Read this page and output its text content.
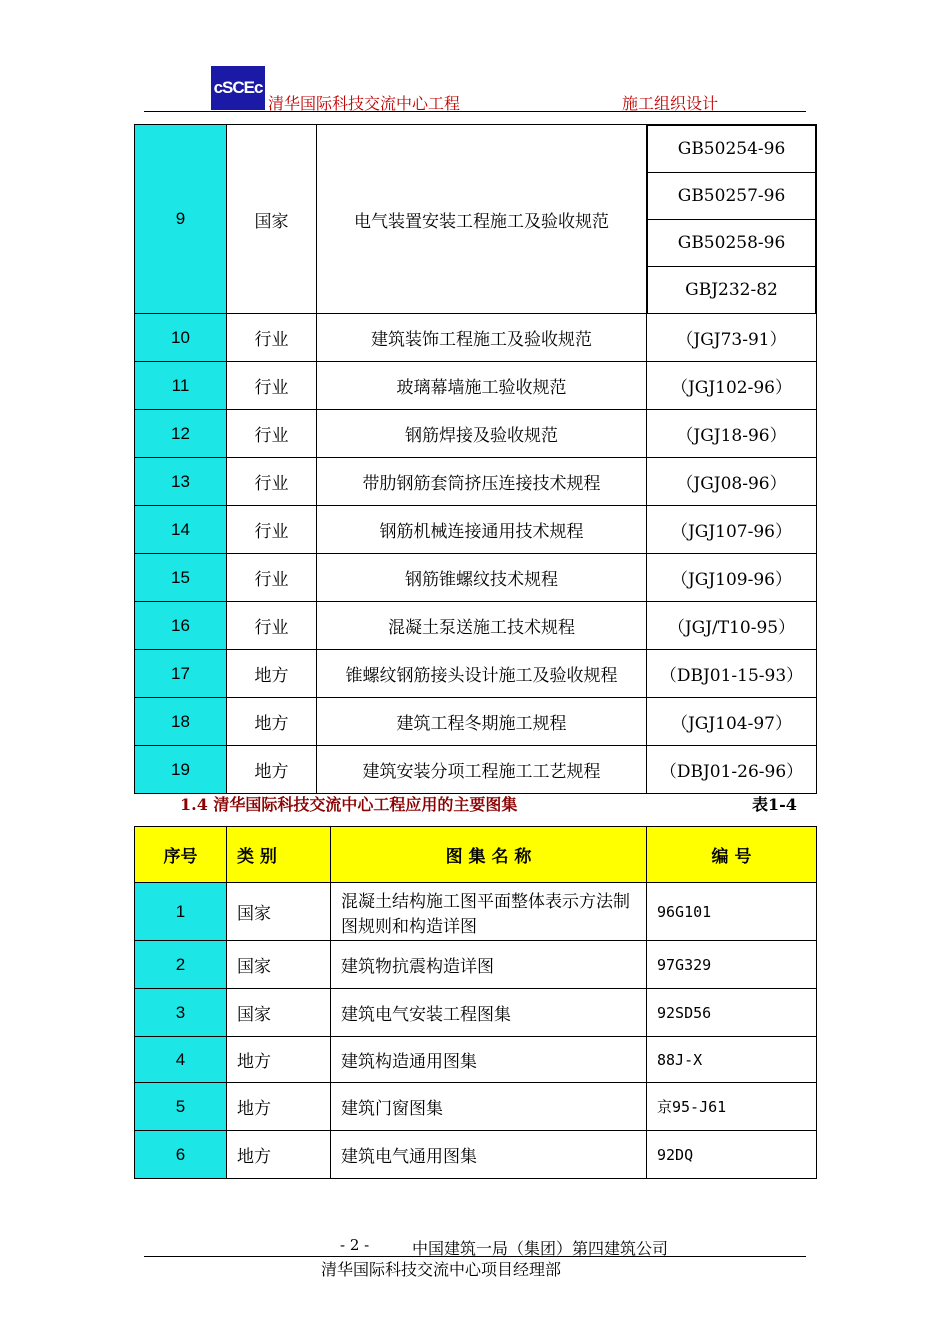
cSCEc
清华国际科技交流中心工程	施工组织设计
9	国家	电气装置安装工程施工及验收规范	
GB50254-96
GB50257-96
GB50258-96
GBJ232-82

10	行业	建筑装饰工程施工及验收规范	（JGJ73-91）
11	行业	玻璃幕墙施工验收规范	（JGJ102-96）
12	行业	钢筋焊接及验收规范	（JGJ18-96）
13	行业	带肋钢筋套筒挤压连接技术规程	（JGJ08-96）
14	行业	钢筋机械连接通用技术规程	（JGJ107-96）
15	行业	钢筋锥螺纹技术规程	（JGJ109-96）
16	行业	混凝土泵送施工技术规程	（JGJ/T10-95）
17	地方	锥螺纹钢筋接头设计施工及验收规程	（DBJ01-15-93）
18	地方	建筑工程冬期施工规程	（JGJ104-97）
19	地方	建筑安装分项工程施工工艺规程	（DBJ01-26-96）
1.4 清华国际科技交流中心工程应用的主要图集	表1-4
序号	类 别	图 集 名 称	编 号
1	国家	混凝土结构施工图平面整体表示方法制图规则和构造详图	96G101
2	国家	建筑物抗震构造详图	97G329
3	国家	建筑电气安装工程图集	92SD56
4	地方	建筑构造通用图集	88J-X
5	地方	建筑门窗图集	京95-J61
6	地方	建筑电气通用图集	92DQ
- 2 -	中国建筑一局（集团）第四建筑公司
清华国际科技交流中心项目经理部
